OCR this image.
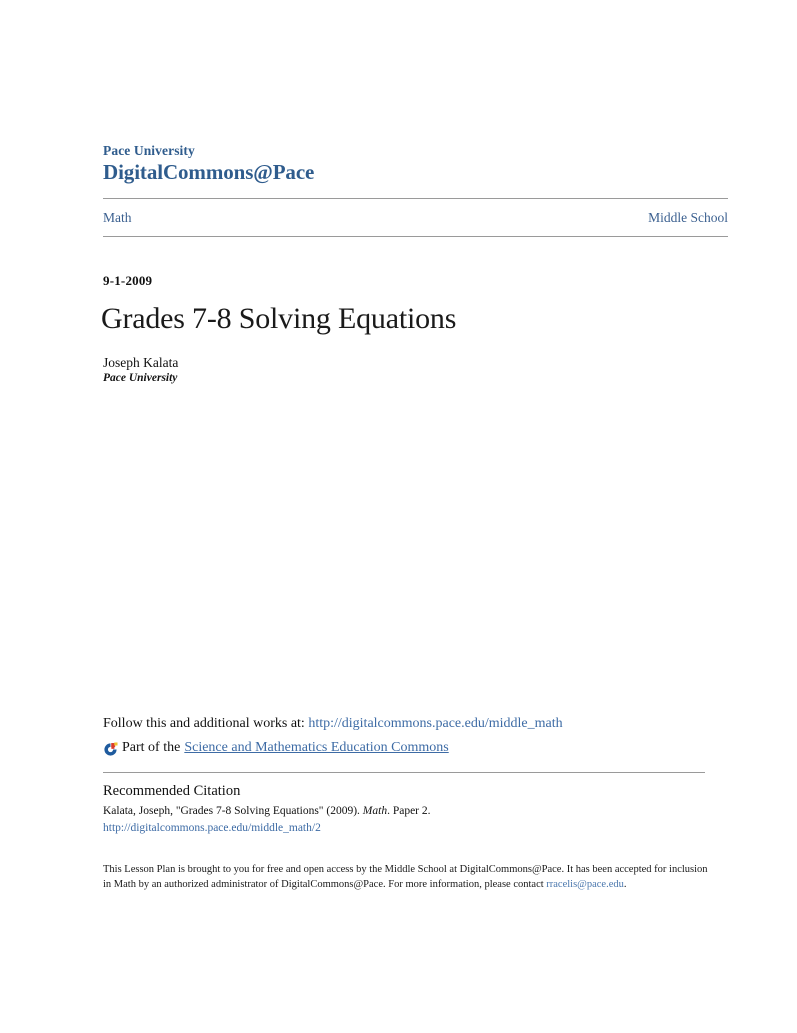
Pace University
DigitalCommons@Pace
Math	Middle School
9-1-2009
Grades 7-8 Solving Equations
Joseph Kalata
Pace University
Follow this and additional works at: http://digitalcommons.pace.edu/middle_math
Part of the Science and Mathematics Education Commons
Recommended Citation
Kalata, Joseph, "Grades 7-8 Solving Equations" (2009). Math. Paper 2.
http://digitalcommons.pace.edu/middle_math/2
This Lesson Plan is brought to you for free and open access by the Middle School at DigitalCommons@Pace. It has been accepted for inclusion in Math by an authorized administrator of DigitalCommons@Pace. For more information, please contact rracelis@pace.edu.
